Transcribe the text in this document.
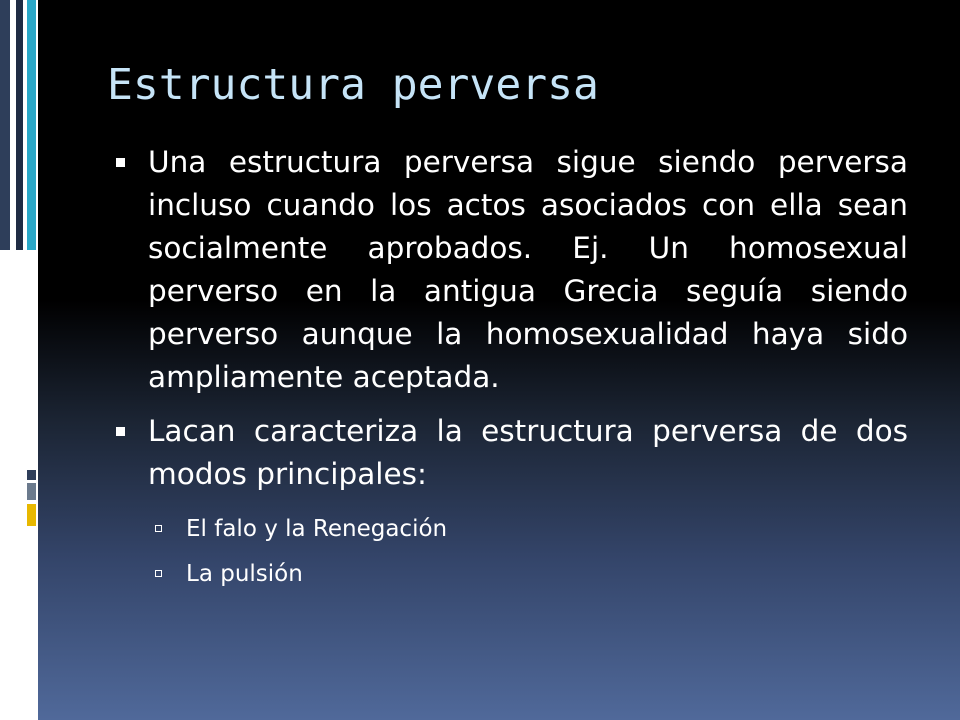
Estructura perversa
Una estructura perversa sigue siendo perversa incluso cuando los actos asociados con ella sean socialmente aprobados. Ej. Un homosexual perverso en la antigua Grecia seguía siendo perverso aunque la homosexualidad haya sido ampliamente aceptada.
Lacan caracteriza la estructura perversa de dos modos principales:
El falo y la Renegación
La pulsión
